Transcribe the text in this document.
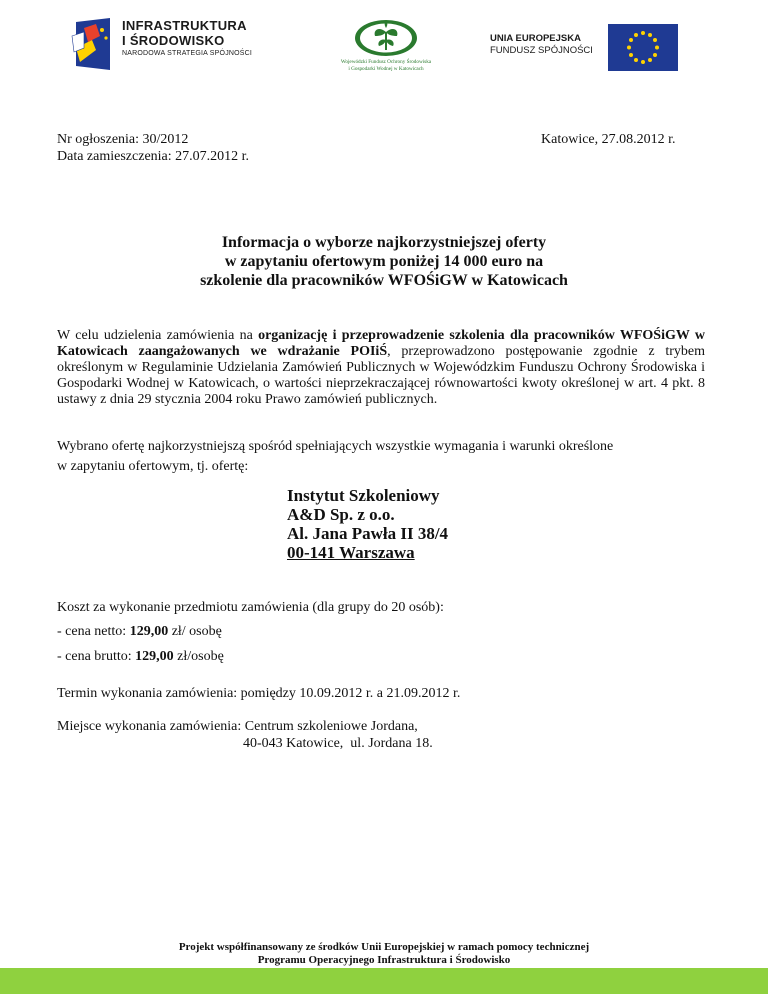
INFRASTRUKTURA
I ŚRODOWISKO
NARODOWA STRATEGIA SPÓJNOŚCI
Wojewódzki Fundusz Ochrony Środowiska
i Gospodarki Wodnej w Katowicach
UNIA EUROPEJSKA
FUNDUSZ SPÓJNOŚCI
Nr ogłoszenia: 30/2012
Data zamieszczenia: 27.07.2012 r.
Katowice, 27.08.2012 r.
Informacja o wyborze najkorzystniejszej oferty
w zapytaniu ofertowym poniżej 14 000 euro na
szkolenie dla pracowników WFOŚiGW w Katowicach
W celu udzielenia zamówienia na organizację i przeprowadzenie szkolenia dla pracowników WFOŚiGW w Katowicach zaangażowanych we wdrażanie POIiŚ, przeprowadzono postępowanie zgodnie z trybem określonym w Regulaminie Udzielania Zamówień Publicznych w Wojewódzkim Funduszu Ochrony Środowiska i Gospodarki Wodnej w Katowicach, o wartości nieprzekraczającej równowartości kwoty określonej w art. 4 pkt. 8 ustawy z dnia 29 stycznia 2004 roku Prawo zamówień publicznych.
Wybrano ofertę najkorzystniejszą spośród spełniających wszystkie wymagania i warunki określone
w zapytaniu ofertowym, tj. ofertę:
Instytut Szkoleniowy
A&D Sp. z o.o.
Al. Jana Pawła II 38/4
00-141 Warszawa
Koszt za wykonanie przedmiotu zamówienia (dla grupy do 20 osób):
- cena netto: 129,00 zł/ osobę
- cena brutto: 129,00 zł/osobę
Termin wykonania zamówienia: pomiędzy 10.09.2012 r. a 21.09.2012 r.
Miejsce wykonania zamówienia: Centrum szkoleniowe Jordana,
40-043 Katowice,  ul. Jordana 18.
Projekt współfinansowany ze środków Unii Europejskiej w ramach pomocy technicznej
Programu Operacyjnego Infrastruktura i Środowisko
